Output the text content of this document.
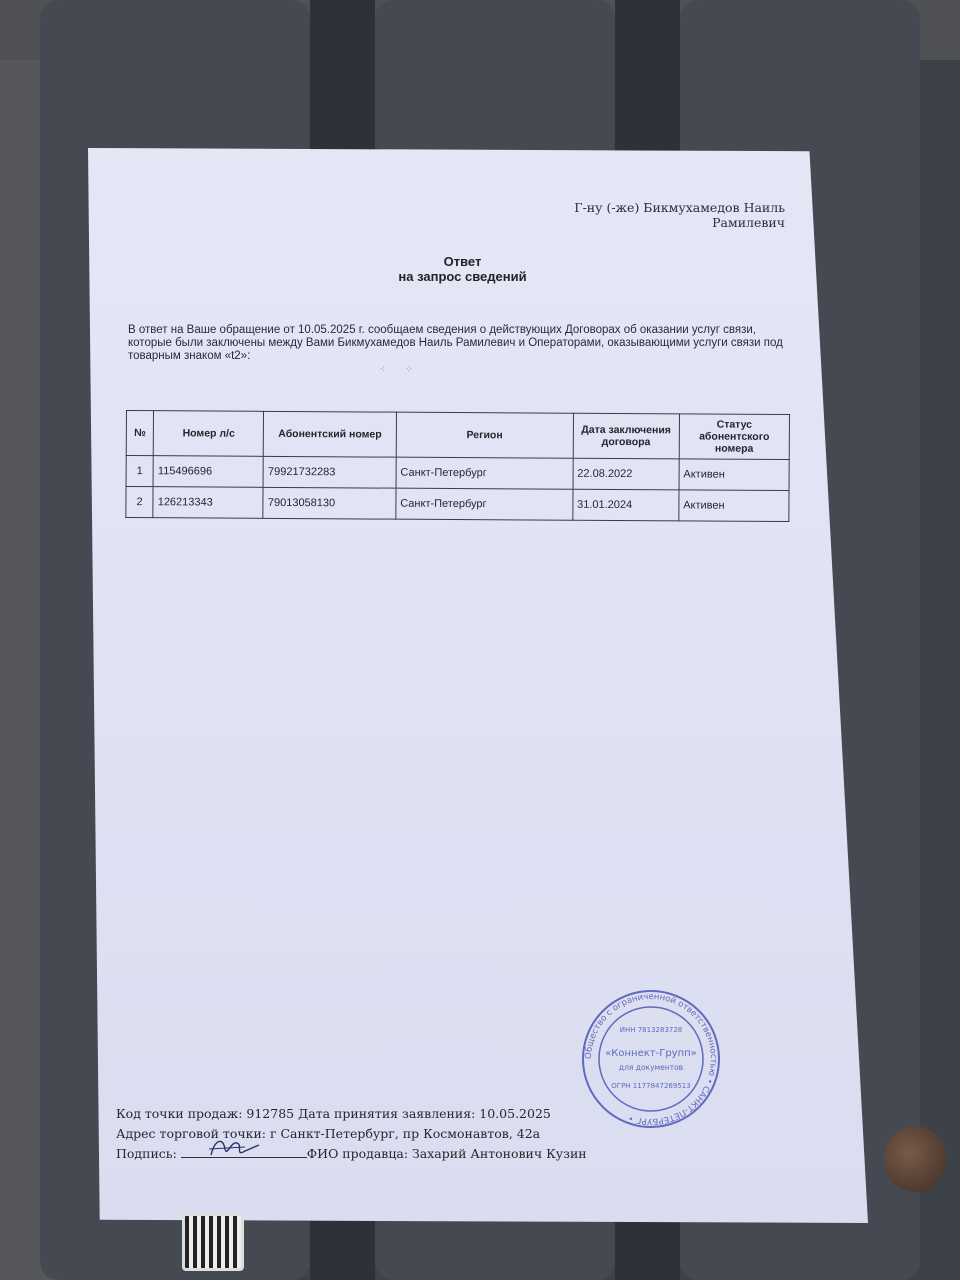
Г-ну (-же) Бикмухамедов Наиль Рамилевич
Ответ
на запрос сведений
В ответ на Ваше обращение от 10.05.2025 г. сообщаем сведения о действующих Договорах об оказании услуг связи, которые были заключены между Вами Бикмухамедов Наиль Рамилевич и Операторами, оказывающими услуги связи под товарным знаком «t2»:
⁖        ⁘
№	Номер л/с	Абонентский номер	Регион	Дата заключения договора	Статус абонентского номера
1	115496696	79921732283	Санкт-Петербург	22.08.2022	Активен
2	126213343	79013058130	Санкт-Петербург	31.01.2024	Активен
Общество с ограниченной ответственностью • САНКТ-ПЕТЕРБУРГ •
ИНН 7813283728
«Коннект-Групп»
для документов
ОГРН 1177847269513
Код точки продаж: 912785 Дата принятия заявления: 10.05.2025
Адрес торговой точки: г Санкт-Петербург, пр Космонавтов, 42а
Подпись:	ФИО продавца: Захарий Антонович Кузин
